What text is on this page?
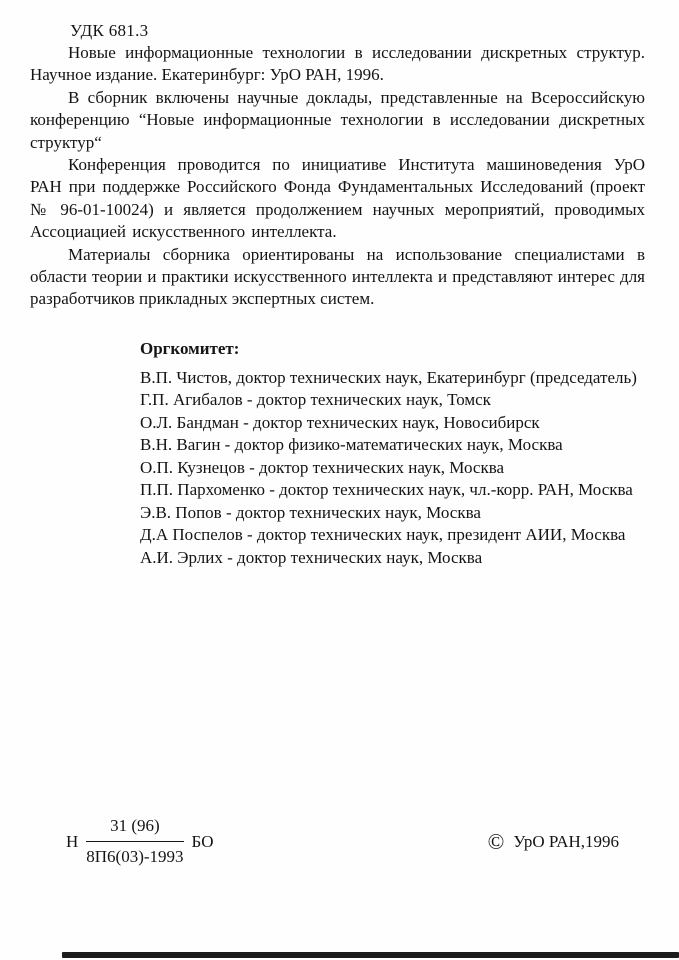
УДК 681.3

Новые информационные технологии в исследовании дискретных структур. Научное издание. Екатеринбург: УрО РАН, 1996.

В сборник включены научные доклады, представленные на Всероссийскую конференцию “Новые информационные технологии в исследовании дискретных структур“

Конференция проводится по инициативе Института машиноведения УрО РАН при поддержке Российского Фонда Фундаментальных Исследований (проект № 96-01-10024) и является продолжением научных мероприятий, проводимых Ассоциацией искусственного интеллекта.

Материалы сборника ориентированы на использование специалистами в области теории и практики искусственного интеллекта и представляют интерес для разработчиков прикладных экспертных систем.

Оргкомитет:
В.П. Чистов, доктор технических наук, Екатеринбург (председатель)
Г.П. Агибалов - доктор технических наук, Томск
О.Л. Бандман - доктор технических наук, Новосибирск
В.Н. Вагин - доктор физико-математических наук, Москва
О.П. Кузнецов - доктор технических наук, Москва
П.П. Пархоменко - доктор технических наук, чл.-корр. РАН, Москва
Э.В. Попов - доктор технических наук, Москва
Д.А Поспелов - доктор технических наук, президент АИИ, Москва
А.И. Эрлих - доктор технических наук, Москва
Н $\frac{31 (96)}{8П6(03)-1993}$ БО	© УрО РАН,1996
